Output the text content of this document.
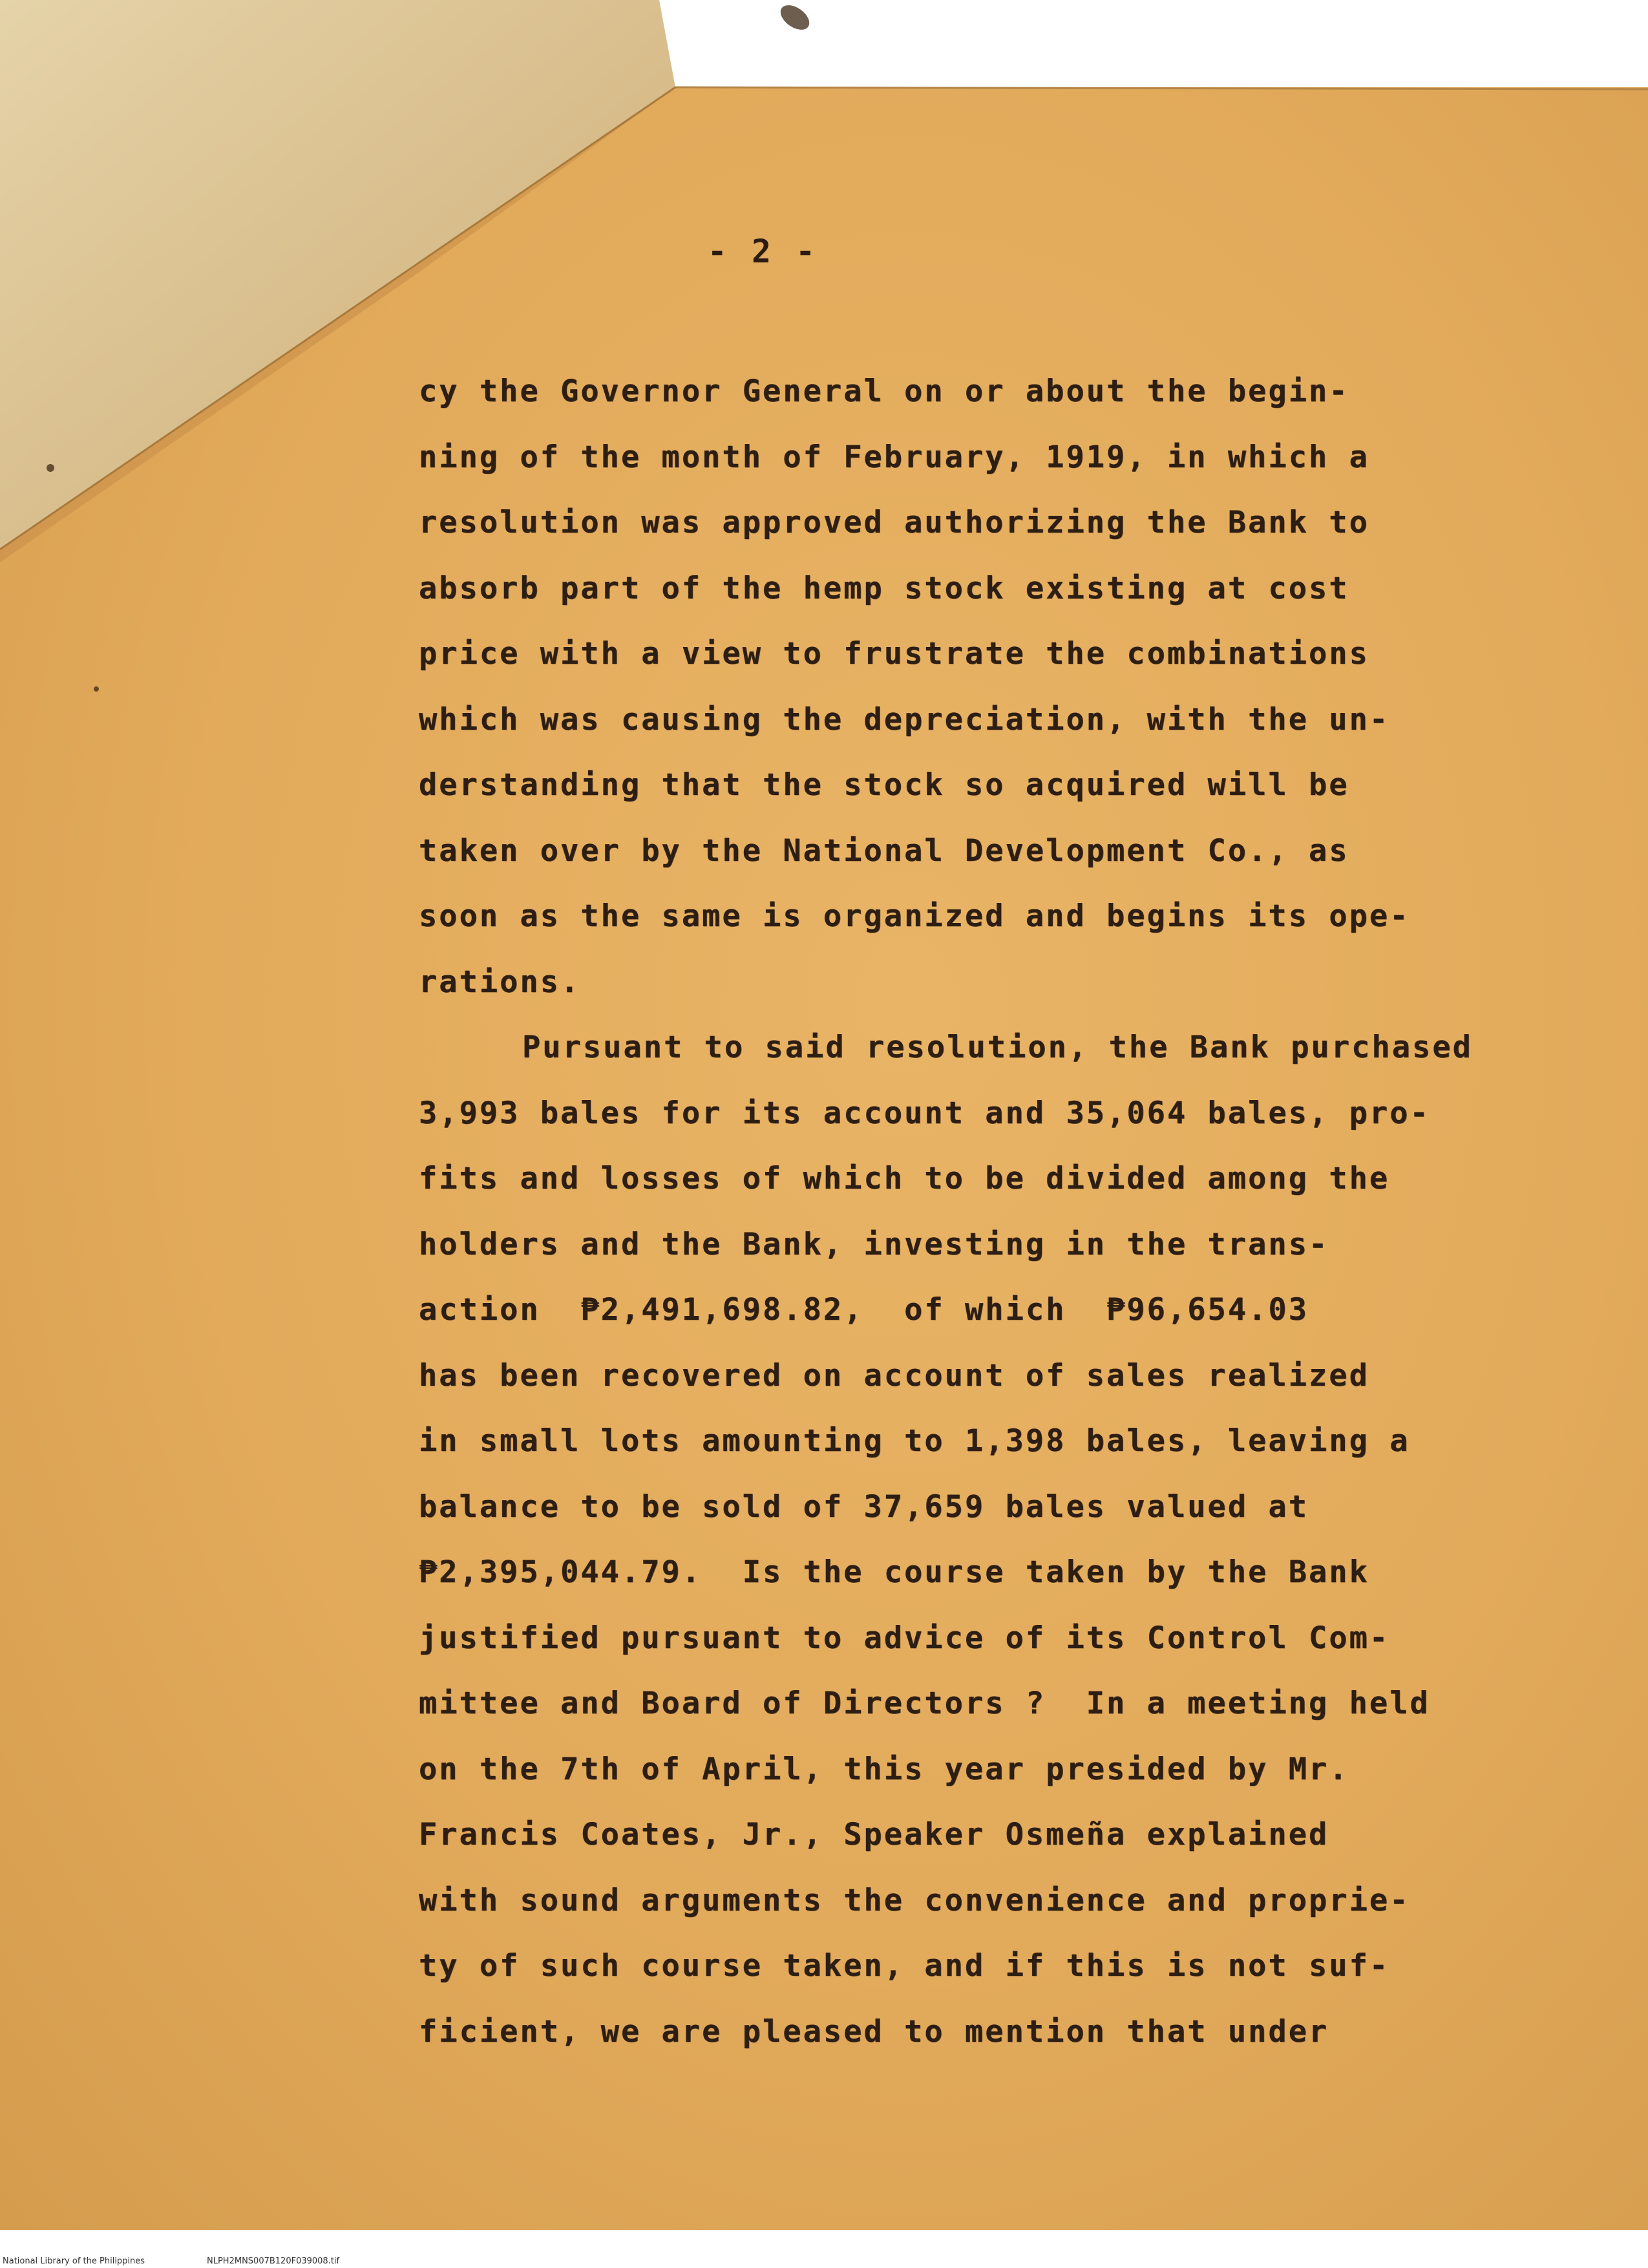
- 2 -
cy the Governor General on or about the begin-
ning of the month of February, 1919, in which a
resolution was approved authorizing the Bank to
absorb part of the hemp stock existing at cost
price with a view to frustrate the combinations
which was causing the depreciation, with the un-
derstanding that the stock so acquired will be
taken over by the National Development Co., as
soon as the same is organized and begins its ope-
rations.
Pursuant to said resolution, the Bank purchased
3,993 bales for its account and 35,064 bales, pro-
fits and losses of which to be divided among the
holders and the Bank, investing in the trans-
action  ₱2,491,698.82,  of which  ₱96,654.03
has been recovered on account of sales realized
in small lots amounting to 1,398 bales, leaving a
balance to be sold of 37,659 bales valued at
₱2,395,044.79.  Is the course taken by the Bank
justified pursuant to advice of its Control Com-
mittee and Board of Directors ?  In a meeting held
on the 7th of April, this year presided by Mr.
Francis Coates, Jr., Speaker Osmeña explained
with sound arguments the convenience and proprie-
ty of such course taken, and if this is not suf-
ficient, we are pleased to mention that under
National Library of the Philippines	NLPH2MNS007B120F039008.tif
